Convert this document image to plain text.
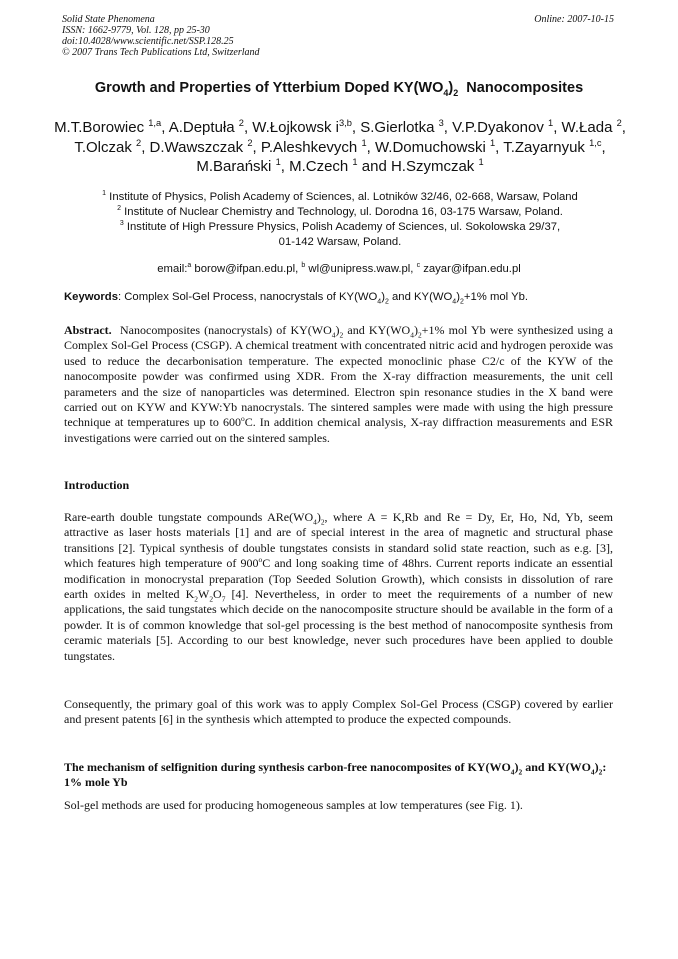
Solid State Phenomena
ISSN: 1662-9779, Vol. 128, pp 25-30
doi:10.4028/www.scientific.net/SSP.128.25
© 2007 Trans Tech Publications Ltd, Switzerland
Online: 2007-10-15
Growth and Properties of Ytterbium Doped $KY(WO_4)_2$  Nanocomposites
M.T.Borowiec $^{1,a}$, A.Deptuła $^2$, W.Łojkowsk $i^{3,b}$, S.Gierlotka $^3$, V.P.Dyakonov $^1$, W.Łada $^2$, T.Olczak $^2$, D.Wawszczak $^2$, P.Aleshkevych $^1$, W.Domuchowski $^1$, T.Zayarnyuk $^{1,c}$, M.Barański $^1$, M.Czech $^1$ and H.Szymczak $^1$
$^1$ Institute of Physics, Polish Academy of Sciences, al. Lotników 32/46, 02-668, Warsaw, Poland
$^2$ Institute of Nuclear Chemistry and Technology, ul. Dorodna 16, 03-175 Warsaw, Poland.
$^3$ Institute of High Pressure Physics, Polish Academy of Sciences, ul. Sokolowska 29/37,
01-142 Warsaw, Poland.
email:$^a$ borow@ifpan.edu.pl, $^b$ wl@unipress.waw.pl, $^c$ zayar@ifpan.edu.pl
Keywords: Complex Sol-Gel Process, nanocrystals of $KY(WO_4)_2$ and $KY(WO_4)_2+1\%$ mol Yb.
Abstract.  Nanocomposites (nanocrystals) of $KY(WO_4)_2$ and $KY(WO_4)_2+1\%$ mol Yb were synthesized using a Complex Sol-Gel Process (CSGP). A chemical treatment with concentrated nitric acid and hydrogen peroxide was used to reduce the decarbonisation temperature. The expected monoclinic phase C2/c of the KYW of the nanocomposite powder was confirmed using XDR. From the X-ray diffraction measurements, the unit cell parameters and the size of nanoparticles was determined. Electron spin resonance studies in the X band were carried out on KYW and KYW:Yb nanocrystals. The sintered samples were made with using the high pressure technique at temperatures up to 600$^o$C. In addition chemical analysis, X-ray diffraction measurements and ESR investigations were carried out on the sintered samples.
Introduction
Rare-earth double tungstate compounds $ARe(WO_4)_2$, where A = K,Rb and Re = Dy, Er, Ho, Nd, Yb, seem attractive as laser hosts materials [1] and are of special interest in the area of magnetic and structural phase transitions [2]. Typical synthesis of double tungstates consists in standard solid state reaction, such as e.g. [3], which features high temperature of 900$^o$C and long soaking time of 48hrs. Current reports indicate an essential modification in monocrystal preparation (Top Seeded Solution Growth), which consists in dissolution of rare earth oxides in melted $K_2W_2O_7$ [4]. Nevertheless, in order to meet the requirements of a number of new applications, the said tungstates which decide on the nanocomposite structure should be available in the form of a powder. It is of common knowledge that sol-gel processing is the best method of nanocomposite synthesis from ceramic materials [5]. According to our best knowledge, never such procedures have been applied to double tungstates.
Consequently, the primary goal of this work was to apply Complex Sol-Gel Process (CSGP) covered by earlier and present patents [6] in the synthesis which attempted to produce the expected compounds.
The mechanism of selfignition during synthesis carbon-free nanocomposites of $KY(WO_4)_2$ and $KY(WO_4)_2$: 1% mole Yb
Sol-gel methods are used for producing homogeneous samples at low temperatures (see Fig. 1).
